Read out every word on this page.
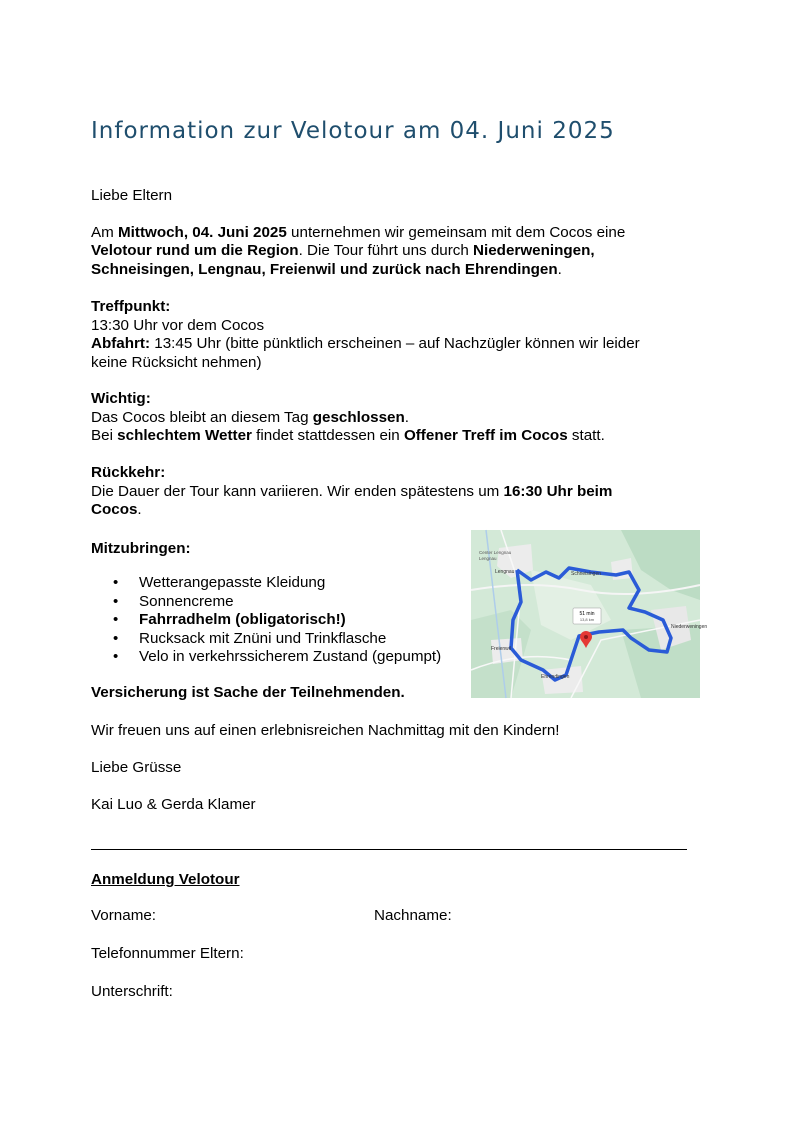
Information zur Velotour am 04. Juni 2025
Liebe Eltern
Am Mittwoch, 04. Juni 2025 unternehmen wir gemeinsam mit dem Cocos eine
Velotour rund um die Region. Die Tour führt uns durch Niederweningen,
Schneisingen, Lengnau, Freienwil und zurück nach Ehrendingen.
Treffpunkt:
13:30 Uhr vor dem Cocos
Abfahrt: 13:45 Uhr (bitte pünktlich erscheinen – auf Nachzügler können wir leider
keine Rücksicht nehmen)
Wichtig:
Das Cocos bleibt an diesem Tag geschlossen.
Bei schlechtem Wetter findet stattdessen ein Offener Treff im Cocos statt.
Rückkehr:
Die Dauer der Tour kann variieren. Wir enden spätestens um 16:30 Uhr beim
Cocos.
Mitzubringen:
• Wetterangepasste Kleidung
• Sonnencreme
• Fahrradhelm (obligatorisch!)
• Rucksack mit Znüni und Trinkflasche
• Velo in verkehrssicherem Zustand (gepumpt)
Versicherung ist Sache der Teilnehmenden.
Wir freuen uns auf einen erlebnisreichen Nachmittag mit den Kindern!
Liebe Grüsse
Kai Luo & Gerda Klamer
Anmeldung Velotour
Vorname:	Nachname:
Telefonnummer Eltern:
Unterschrift:
51 min
13,8 km
Center Lengnau
Lengnau
Lengnau	Schneisingen
Niederweningen
Freienwil
Ehrendingen
